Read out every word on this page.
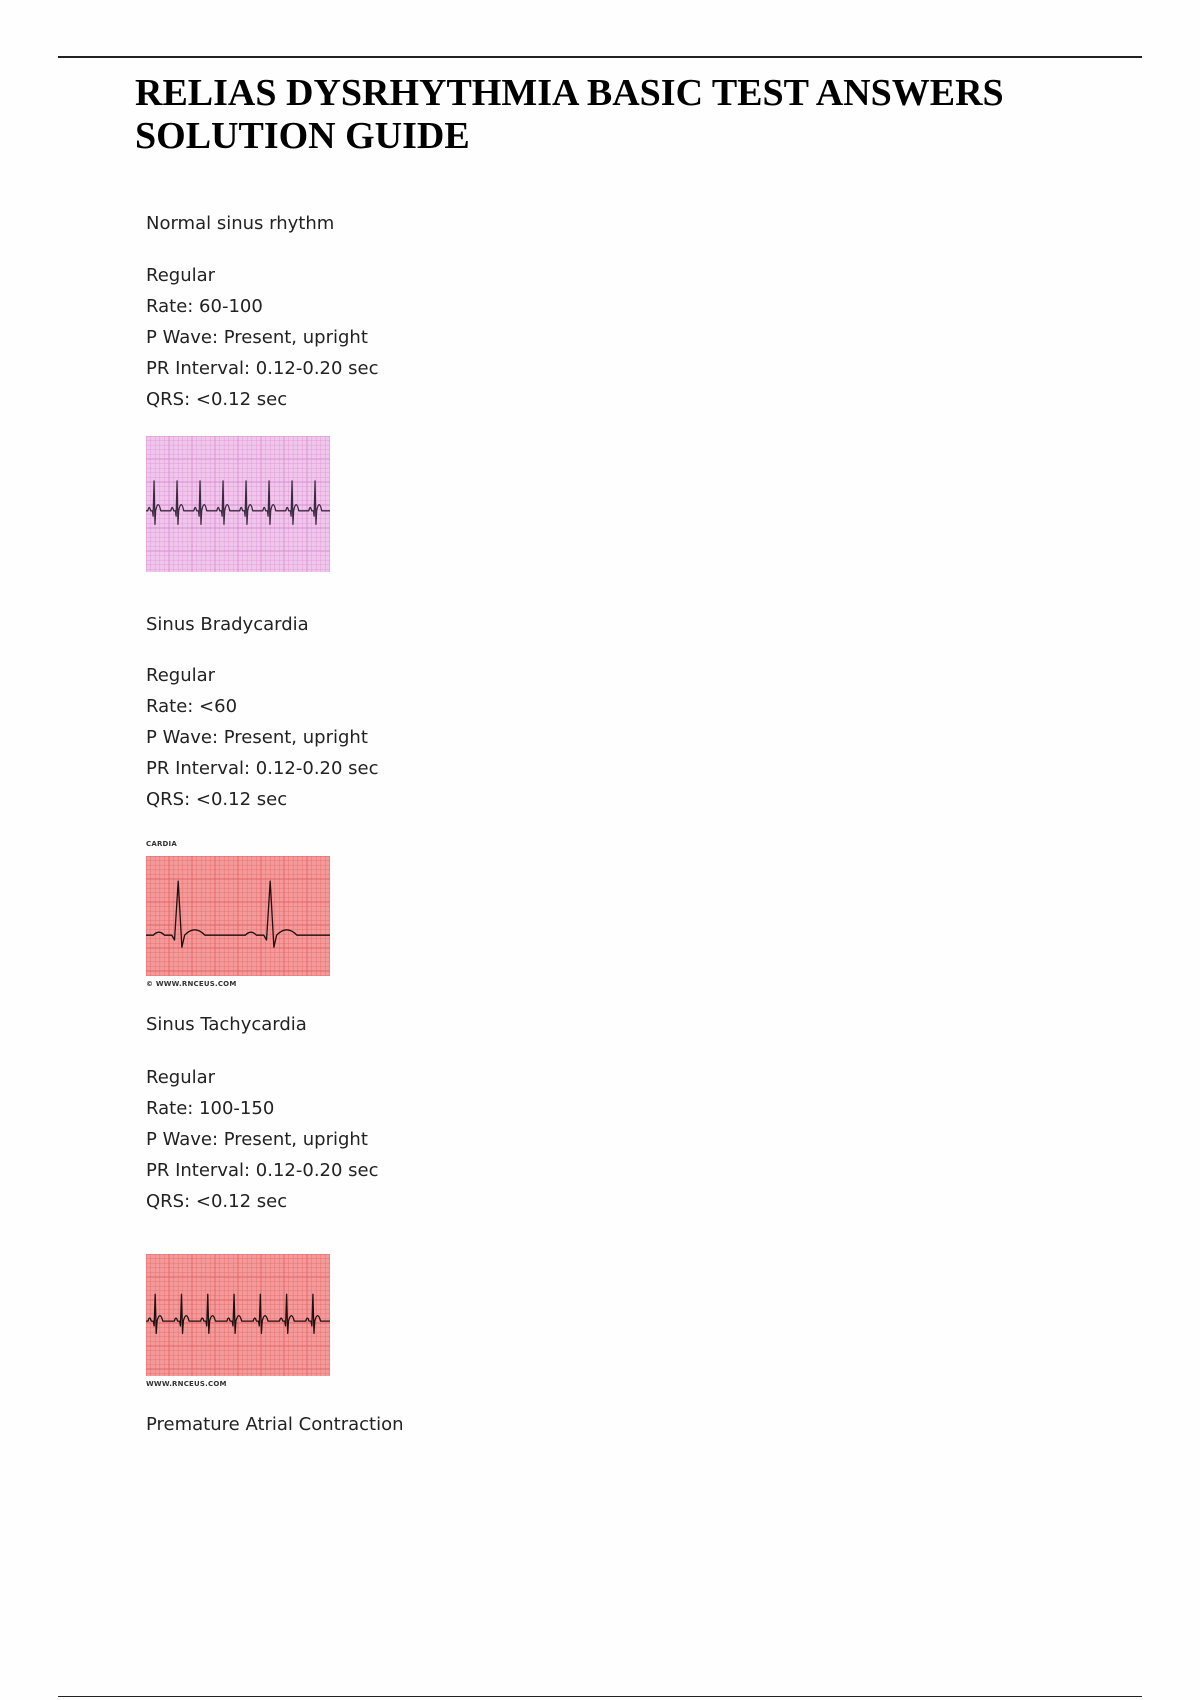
RELIAS DYSRHYTHMIA BASIC TEST ANSWERS SOLUTION GUIDE
Normal sinus rhythm
Regular
Rate: 60-100
P Wave: Present, upright
PR Interval: 0.12-0.20 sec
QRS: <0.12 sec
Sinus Bradycardia
Regular
Rate: <60
P Wave: Present, upright
PR Interval: 0.12-0.20 sec
QRS: <0.12 sec
CARDIA
© WWW.RNCEUS.COM
Sinus Tachycardia
Regular
Rate: 100-150
P Wave: Present, upright
PR Interval: 0.12-0.20 sec
QRS: <0.12 sec
WWW.RNCEUS.COM
Premature Atrial Contraction
